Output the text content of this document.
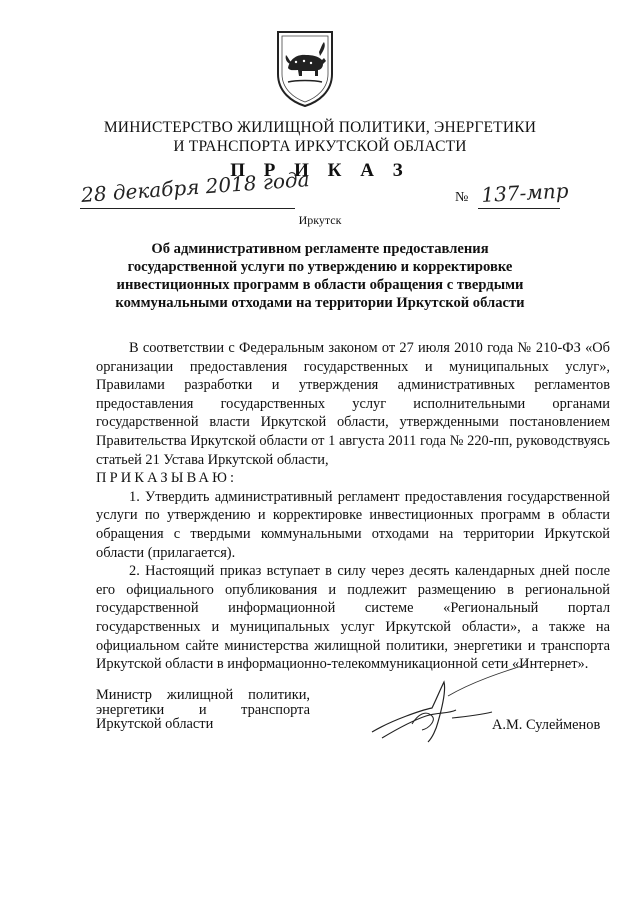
МИНИСТЕРСТВО ЖИЛИЩНОЙ ПОЛИТИКИ, ЭНЕРГЕТИКИ
И ТРАНСПОРТА ИРКУТСКОЙ ОБЛАСТИ
П Р И К А З
28 декабря 2018 года	№ 137-мпр
Иркутск
Об административном регламенте предоставления государственной услуги по утверждению и корректировке инвестиционных программ в области обращения с твердыми коммунальными отходами на территории Иркутской области

В соответствии с Федеральным законом от 27 июля 2010 года № 210-ФЗ «Об организации предоставления государственных и муниципальных услуг», Правилами разработки и утверждения административных регламентов предоставления государственных услуг исполнительными органами государственной власти Иркутской области, утвержденными постановлением Правительства Иркутской области от 1 августа 2011 года № 220-пп, руководствуясь статьей 21 Устава Иркутской области,

ПРИКАЗЫВАЮ:

1. Утвердить административный регламент предоставления государственной услуги по утверждению и корректировке инвестиционных программ в области обращения с твердыми коммунальными отходами на территории Иркутской области (прилагается).

2. Настоящий приказ вступает в силу через десять календарных дней после его официального опубликования и подлежит размещению в региональной государственной информационной системе «Региональный портал государственных и муниципальных услуг Иркутской области», а также на официальном сайте министерства жилищной политики, энергетики и транспорта Иркутской области в информационно-телекоммуникационной сети «Интернет».

Министр жилищной политики,
энергетики и транспорта
Иркутской области	А.М. Сулейменов
